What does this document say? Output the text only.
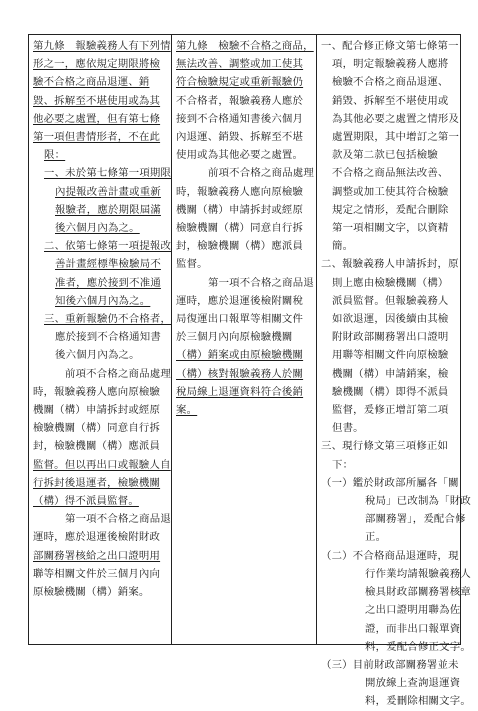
第九條　報驗義務人有下列情
形之一，應依規定期限將檢
驗不合格之商品退運、銷
毀、拆解至不堪使用或為其
他必要之處置，但有第七條
第一項但書情形者，不在此
限：
一、未於第七條第一項期限
內提報改善計畫或重新
報驗者，應於期限屆滿
後六個月內為之。
二、依第七條第一項提報改
善計畫經標準檢驗局不
准者，應於接到不准通
知後六個月內為之。
三、重新報驗仍不合格者，
應於接到不合格通知書
後六個月內為之。
前項不合格之商品處理
時，報驗義務人應向原檢驗
機關（構）申請拆封或經原
檢驗機關（構）同意自行拆
封，檢驗機關（構）應派員
監督。但以再出口或報驗人自
行拆封後退運者，檢驗機關
（構）得不派員監督。
第一項不合格之商品退
運時，應於退運後檢附財政
部關務署核給之出口證明用
聯等相關文件於三個月內向
原檢驗機關（構）銷案。
第九條　檢驗不合格之商品，
無法改善、調整或加工使其
符合檢驗規定或重新報驗仍
不合格者，報驗義務人應於
接到不合格通知書後六個月
內退運、銷毀、拆解至不堪
使用或為其他必要之處置。
前項不合格之商品處理
時，報驗義務人應向原檢驗
機關（構）申請拆封或經原
檢驗機關（構）同意自行拆
封，檢驗機關（構）應派員
監督。
第一項不合格之商品退
運時，應於退運後檢附關稅
局復運出口報單等相關文件
於三個月內向原檢驗機關
（構）銷案或由原檢驗機關
（構）核對報驗義務人於關
稅局線上退運資料符合後銷
案。
一、配合修正條文第七條第一
項，明定報驗義務人應將
檢驗不合格之商品退運、
銷毀、拆解至不堪使用或
為其他必要之處置之情形及
處置期限，其中增訂之第一
款及第二款已包括檢驗
不合格之商品無法改善、
調整或加工使其符合檢驗
規定之情形，爰配合刪除
第一項相關文字，以資精
簡。
二、報驗義務人申請拆封，原
則上應由檢驗機關（構）
派員監督。但報驗義務人
如欲退運，因後續由其檢
附財政部關務署出口證明
用聯等相關文件向原檢驗
機關（構）申請銷案，檢
驗機關（構）即得不派員
監督，爰修正增訂第二項
但書。
三、現行條文第三項修正如
下：
（一）鑑於財政部所屬各「關
稅局」已改制為「財政
部關務署」，爰配合修
正。
（二）不合格商品退運時，現
行作業均請報驗義務人
檢具財政部關務署核章
之出口證明用聯為佐
證，而非出口報單資
料，爰配合修正文字。
（三）目前財政部關務署並未
開放線上查詢退運資
料，爰刪除相關文字。
